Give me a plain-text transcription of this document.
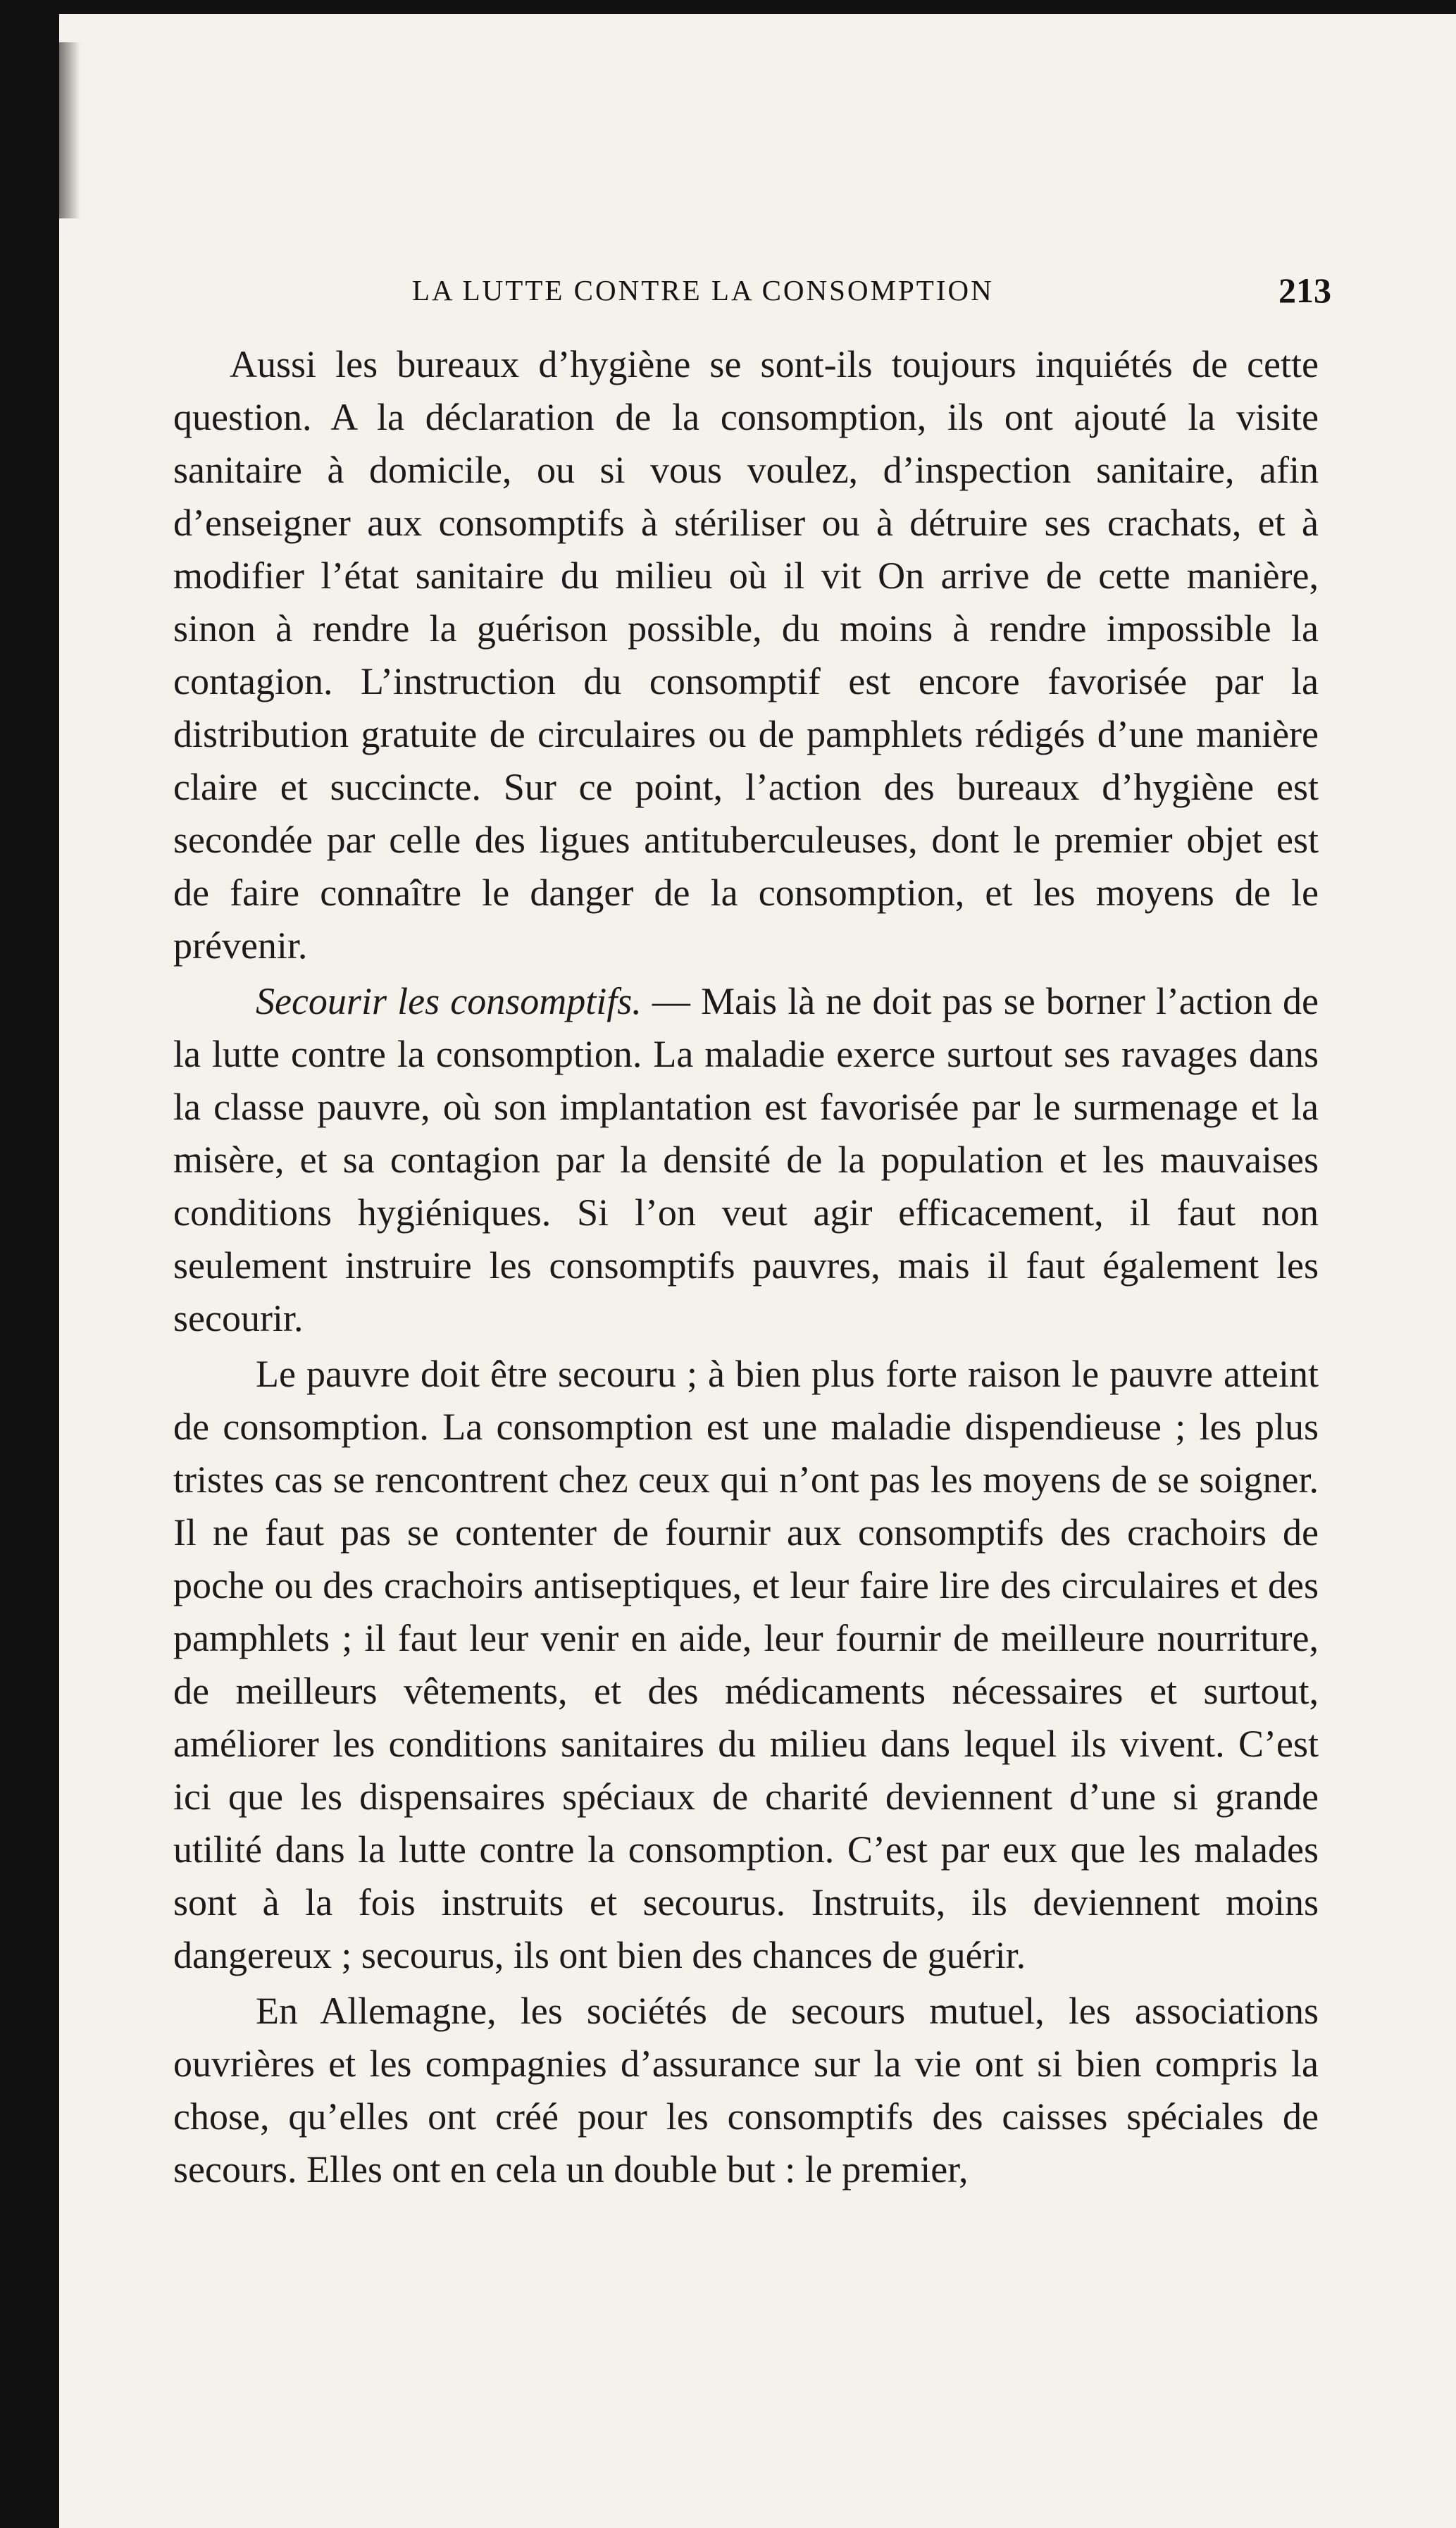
LA LUTTE CONTRE LA CONSOMPTION	213

Aussi les bureaux d’hygiène se sont-ils toujours inquiétés de cette question. A la déclaration de la consomption, ils ont ajouté la visite sanitaire à domicile, ou si vous voulez, d’inspection sanitaire, afin d’enseigner aux consomptifs à stériliser ou à détruire ses crachats, et à modifier l’état sanitaire du milieu où il vit On arrive de cette manière, sinon à rendre la guérison possible, du moins à rendre impossible la contagion. L’instruction du consomptif est encore favorisée par la distribution gratuite de circulaires ou de pamphlets rédigés d’une manière claire et succincte. Sur ce point, l’action des bureaux d’hygiène est secondée par celle des ligues antituberculeuses, dont le premier objet est de faire connaître le danger de la consomption, et les moyens de le prévenir.

Secourir les consomptifs. — Mais là ne doit pas se borner l’action de la lutte contre la consomption. La maladie exerce surtout ses ravages dans la classe pauvre, où son implantation est favorisée par le surmenage et la misère, et sa contagion par la densité de la population et les mauvaises conditions hygiéniques. Si l’on veut agir efficacement, il faut non seulement instruire les consomptifs pauvres, mais il faut également les secourir.

Le pauvre doit être secouru ; à bien plus forte raison le pauvre atteint de consomption. La consomption est une maladie dispendieuse ; les plus tristes cas se rencontrent chez ceux qui n’ont pas les moyens de se soigner. Il ne faut pas se contenter de fournir aux consomptifs des crachoirs de poche ou des crachoirs antiseptiques, et leur faire lire des circulaires et des pamphlets ; il faut leur venir en aide, leur fournir de meilleure nourriture, de meilleurs vêtements, et des médicaments nécessaires et surtout, améliorer les conditions sanitaires du milieu dans lequel ils vivent. C’est ici que les dispensaires spéciaux de charité deviennent d’une si grande utilité dans la lutte contre la consomption. C’est par eux que les malades sont à la fois instruits et secourus. Instruits, ils deviennent moins dangereux ; secourus, ils ont bien des chances de guérir.

En Allemagne, les sociétés de secours mutuel, les associations ouvrières et les compagnies d’assurance sur la vie ont si bien compris la chose, qu’elles ont créé pour les consomptifs des caisses spéciales de secours. Elles ont en cela un double but : le premier,
